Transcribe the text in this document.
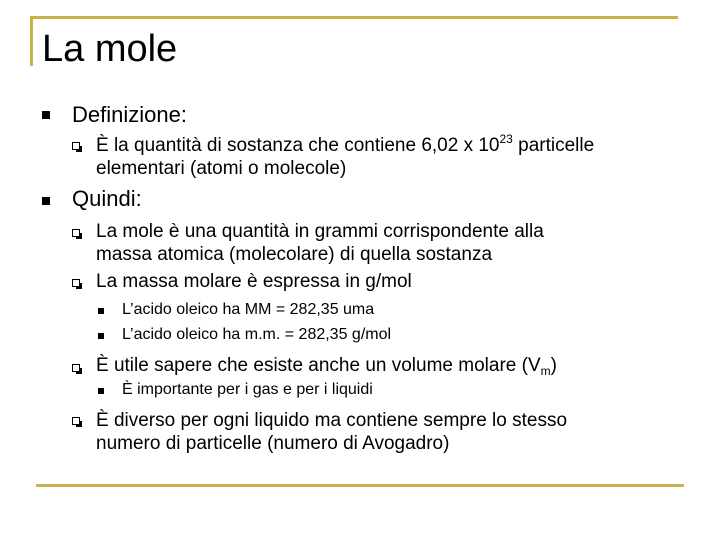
La mole
Definizione:
È la quantità di sostanza che contiene 6,02 x $10^{23}$ particelle
elementari (atomi o molecole)
Quindi:
La mole è una quantità in grammi corrispondente alla
massa atomica (molecolare) di quella sostanza
La massa molare è espressa in g/mol
L’acido oleico ha MM = 282,35 uma
L’acido oleico ha m.m. = 282,35 g/mol
È utile sapere che esiste anche un volume molare $(V_m)$
È importante per i gas e per i liquidi
È diverso per ogni liquido ma contiene sempre lo stesso
numero di particelle (numero di Avogadro)
